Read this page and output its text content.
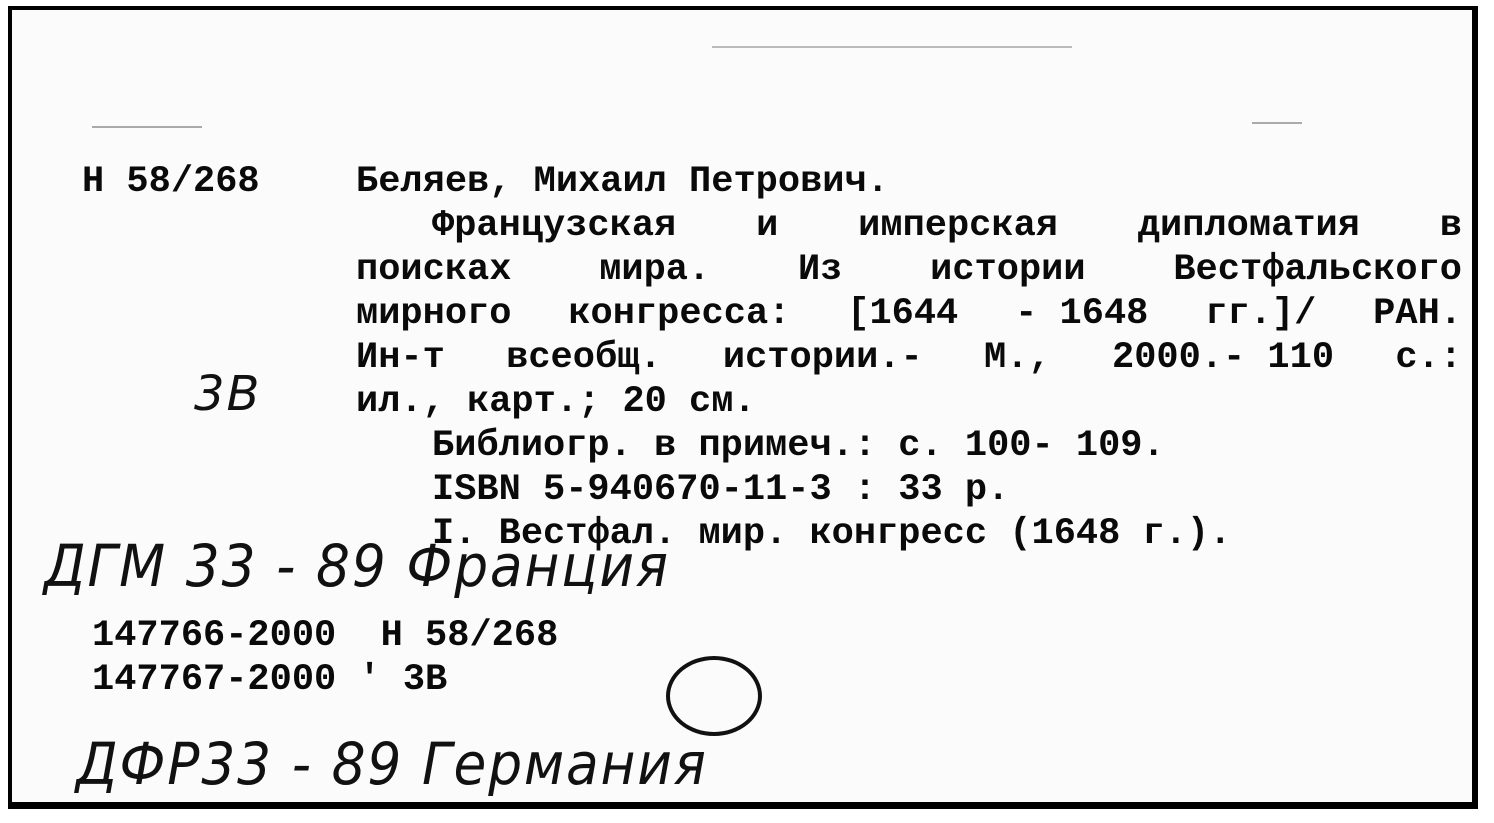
Н 58/268	Беляев, Михаил Петрович.
Французская и имперская дипломатия в
поисках мира. Из истории Вестфальского
мирного конгресса: [1644 - 1648 гг.]/ РАН.
Ин-т всеобщ. истории.- М., 2000.- 110 с.:
ил., карт.; 20 см.
Библиогр. в примеч.: с. 100- 109.
ISBN 5-940670-11-3 : 33 р.
I. Вестфал. мир. конгресс (1648 г.).
3В
ДГМ 33 - 89 Франция
147766-2000  Н 58/268
147767-2000 ' 3В
ДФР33 - 89 Германия
